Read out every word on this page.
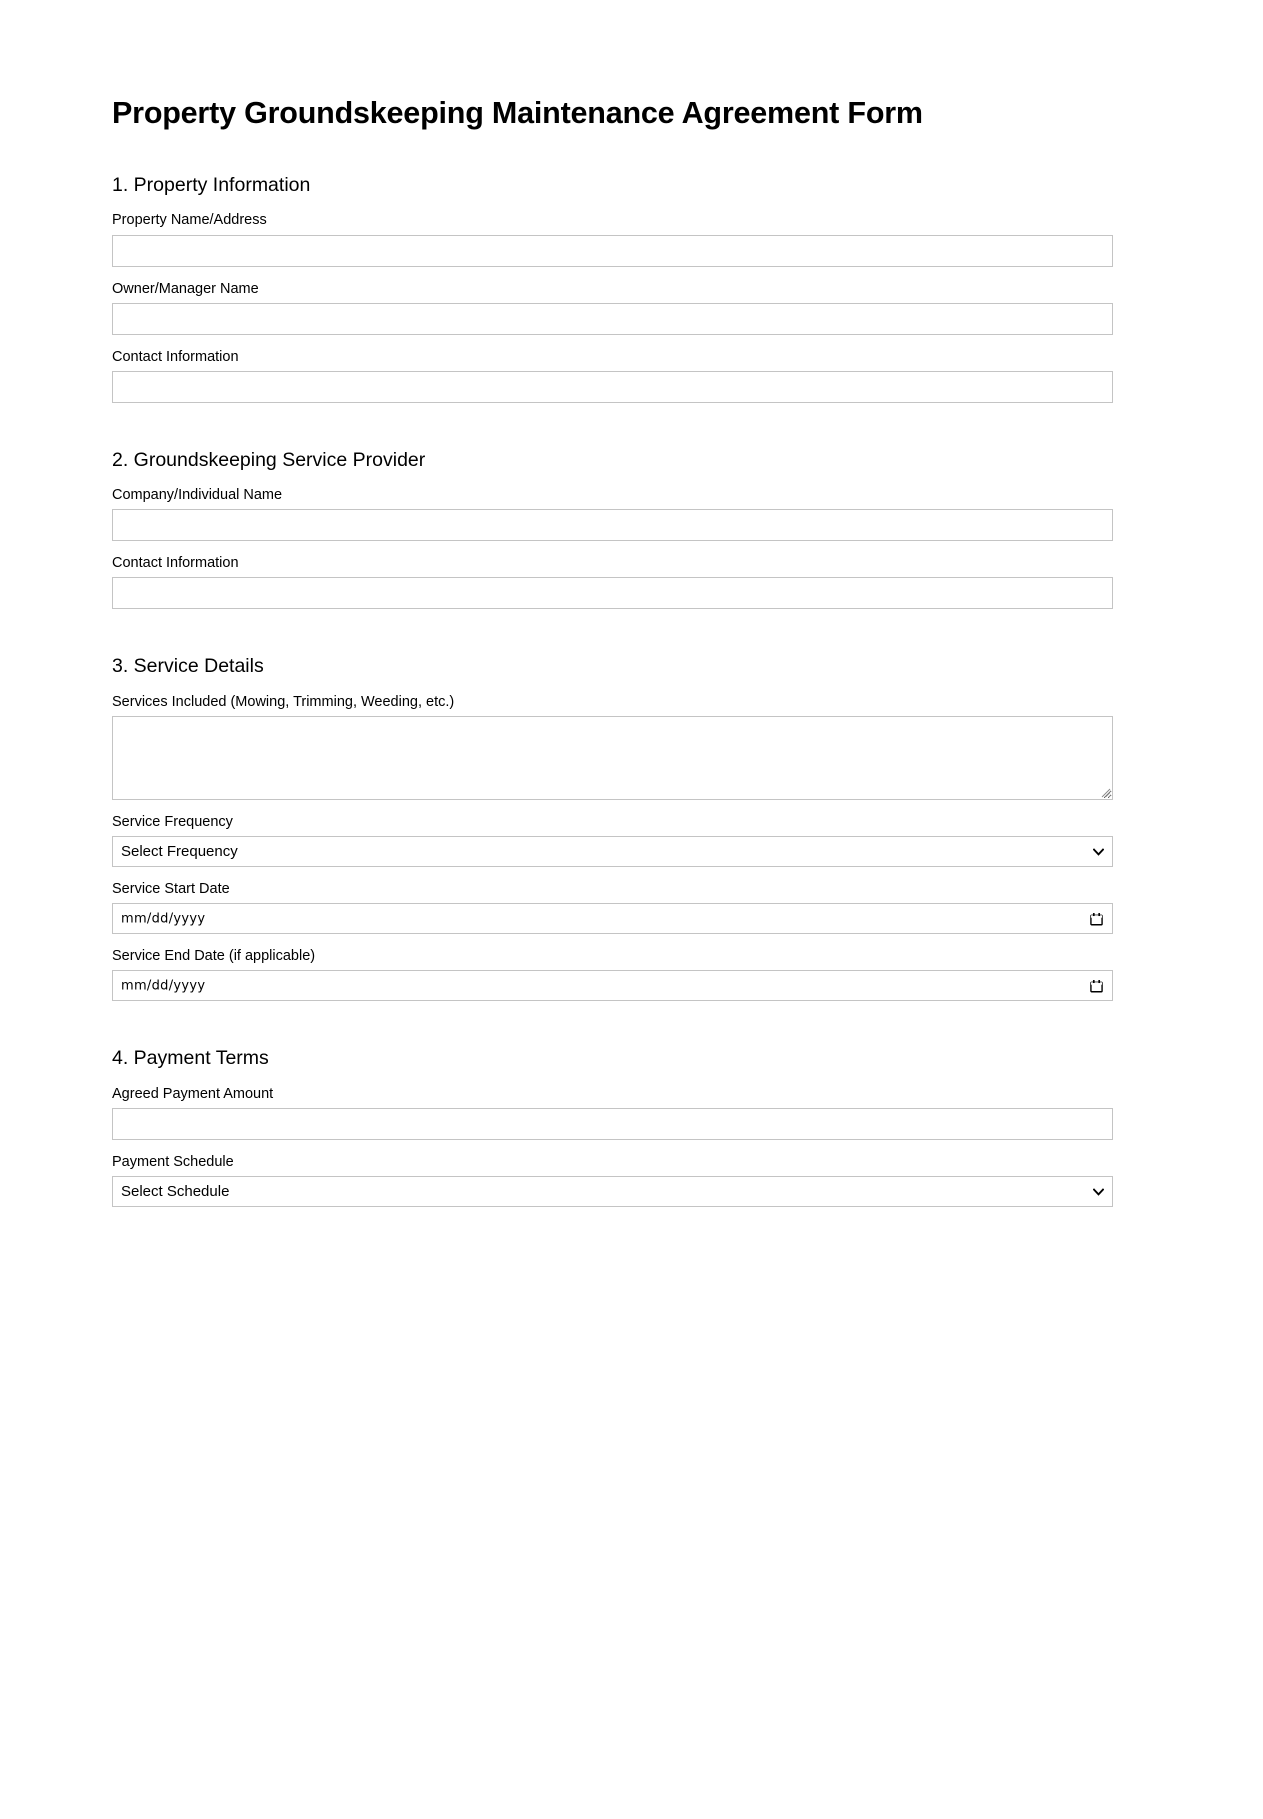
Property Groundskeeping Maintenance Agreement Form
1. Property Information
Property Name/Address
Owner/Manager Name
Contact Information
2. Groundskeeping Service Provider
Company/Individual Name
Contact Information
3. Service Details
Services Included (Mowing, Trimming, Weeding, etc.)
Service Frequency
Select Frequency
Service Start Date
mm/dd/yyyy
Service End Date (if applicable)
mm/dd/yyyy
4. Payment Terms
Agreed Payment Amount
Payment Schedule
Select Schedule
